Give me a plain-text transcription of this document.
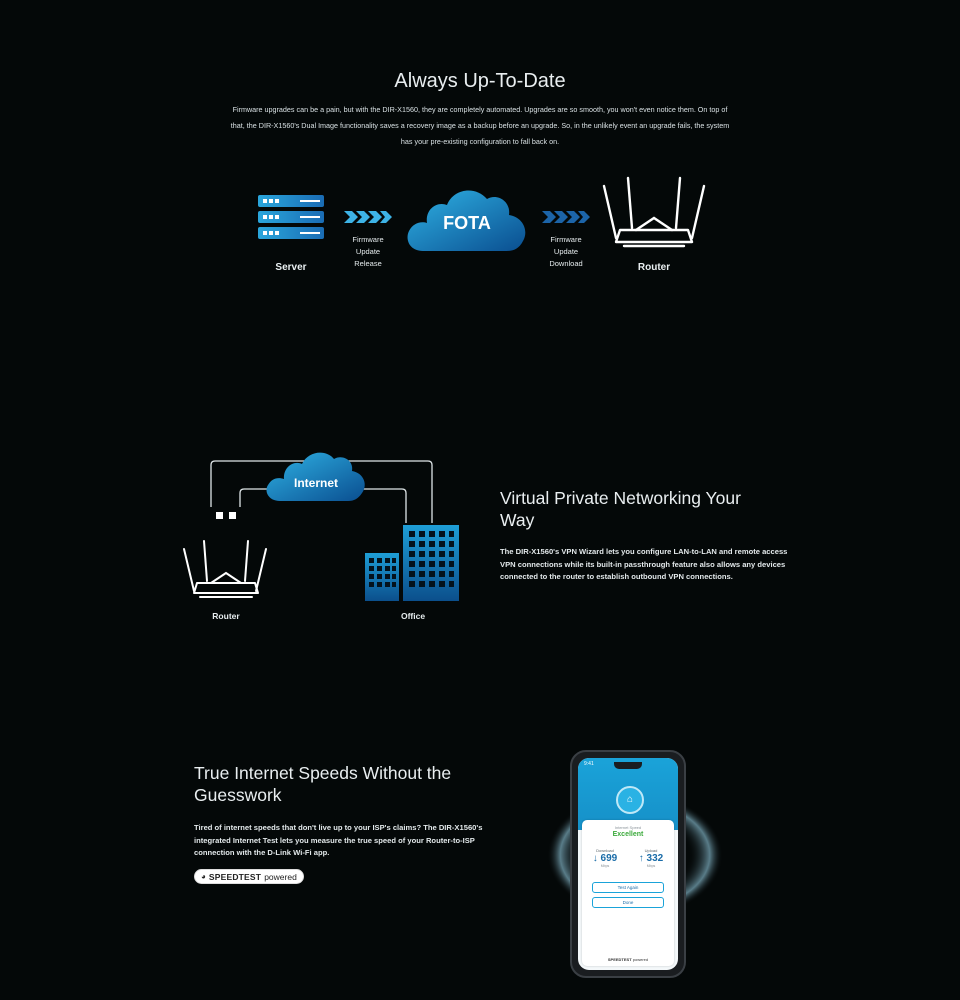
Always Up-To-Date
Firmware upgrades can be a pain, but with the DIR-X1560, they are completely automated. Upgrades are so smooth, you won't even notice them. On top of that, the DIR-X1560's Dual Image functionality saves a recovery image as a backup before an upgrade. So, in the unlikely event an upgrade fails, the system has your pre-existing configuration to fall back on.
Server
Firmware
Update
Release
FOTA
Firmware
Update
Download	Router
Internet
Router	Office
Virtual Private Networking Your Way
The DIR-X1560's VPN Wizard lets you configure LAN-to-LAN and remote access VPN connections while its built-in passthrough feature also allows any devices connected to the router to establish outbound VPN connections.
True Internet Speeds Without the Guesswork
Tired of internet speeds that don't live up to your ISP's claims? The DIR-X1560's integrated Internet Test lets you measure the true speed of your Router-to-ISP connection with the D-Link Wi-Fi app.
◕ SPEEDTEST powered
9:41
⌂
Internet Speed
Excellent
Download
↓ 699
Mbps
Upload
↑ 332
Mbps
Test Again
Done
SPEEDTEST powered
